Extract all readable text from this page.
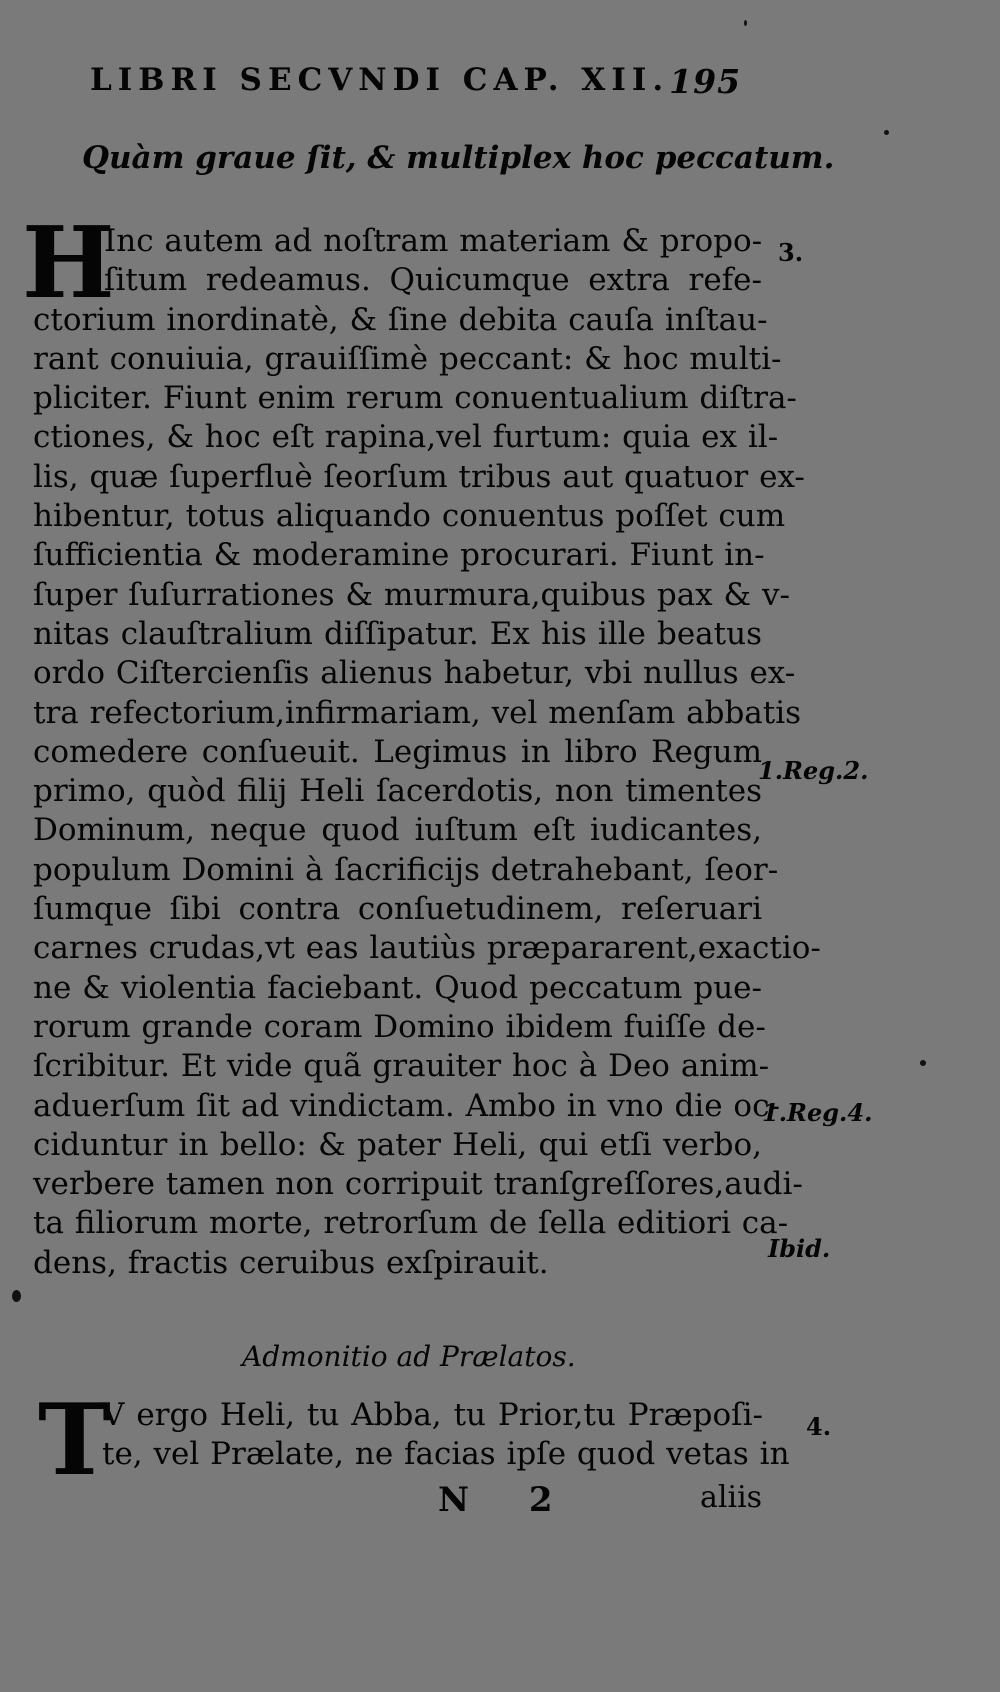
LIBRI SECVNDI CAP. XII. 195
Quàm graue ſit, & multiplex hoc peccatum.
H
Inc autem ad noſtram materiam & propo-
ſitum redeamus. Quicumque extra refe-
ctorium inordinatè, & ſine debita cauſa inſtau-
rant conuiuia, grauiſſimè peccant: & hoc multi-
pliciter. Fiunt enim rerum conuentualium diſtra-
ctiones, & hoc eſt rapina,vel furtum: quia ex il-
lis, quæ ſuperfluè ſeorſum tribus aut quatuor ex-
hibentur, totus aliquando conuentus poſſet cum
ſufficientia & moderamine procurari. Fiunt in-
ſuper ſuſurrationes & murmura,quibus pax & v-
nitas clauſtralium diſſipatur. Ex his ille beatus
ordo Ciſtercienſis alienus habetur, vbi nullus ex-
tra refectorium,infirmariam, vel menſam abbatis
comedere conſueuit. Legimus in libro Regum
primo, quòd filij Heli ſacerdotis, non timentes
Dominum, neque quod iuſtum eſt iudicantes,
populum Domini à ſacrificijs detrahebant, ſeor-
ſumque ſibi contra conſuetudinem, reſeruari
carnes crudas,vt eas lautiùs præpararent,exactio-
ne & violentia faciebant. Quod peccatum pue-
rorum grande coram Domino ibidem fuiſſe de-
ſcribitur. Et vide quã grauiter hoc à Deo anim-
aduerſum ſit ad vindictam. Ambo in vno die oc-
ciduntur in bello: & pater Heli, qui etſi verbo,
verbere tamen non corripuit tranſgreſſores,audi-
ta filiorum morte, retrorſum de ſella editiori ca-
dens, fractis ceruibus exſpirauit.
3.
1.Reg.2.
1.Reg.4.
Ibid.
Admonitio ad Prælatos.
T
V ergo Heli, tu Abba, tu Prior,tu Præpoſi-
te, vel Prælate, ne facias ipſe quod vetas in
4.
N 2	aliis
